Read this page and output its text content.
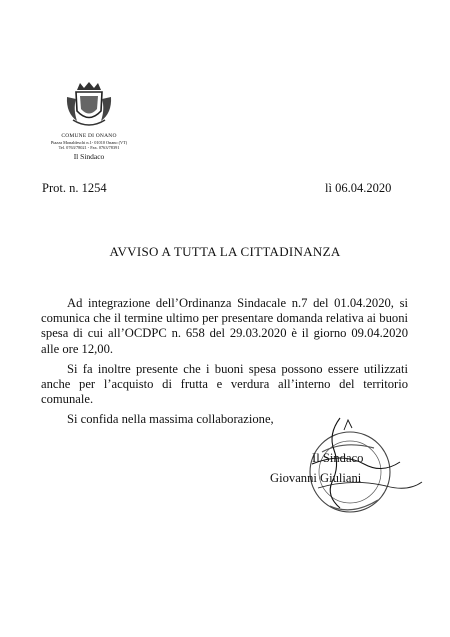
COMUNE DI ONANO
Piazza Monaldeschi n.1- 01010 Onano (VT)
Tel. 0763/78021 - Fax. 0763/78391
Il Sindaco
Prot. n. 1254	lì 06.04.2020
AVVISO A TUTTA LA CITTADINANZA

Ad integrazione dell’Ordinanza Sindacale n.7 del 01.04.2020, si comunica che il termine ultimo per presentare domanda relativa ai buoni spesa di cui all’OCDPC n. 658 del 29.03.2020 è il giorno 09.04.2020 alle ore 12,00.

Si fa inoltre presente che i buoni spesa possono essere utilizzati anche per l’acquisto di frutta e verdura all’interno del territorio comunale.

Si confida nella massima collaborazione,

Il Sindaco
Giovanni Giuliani
